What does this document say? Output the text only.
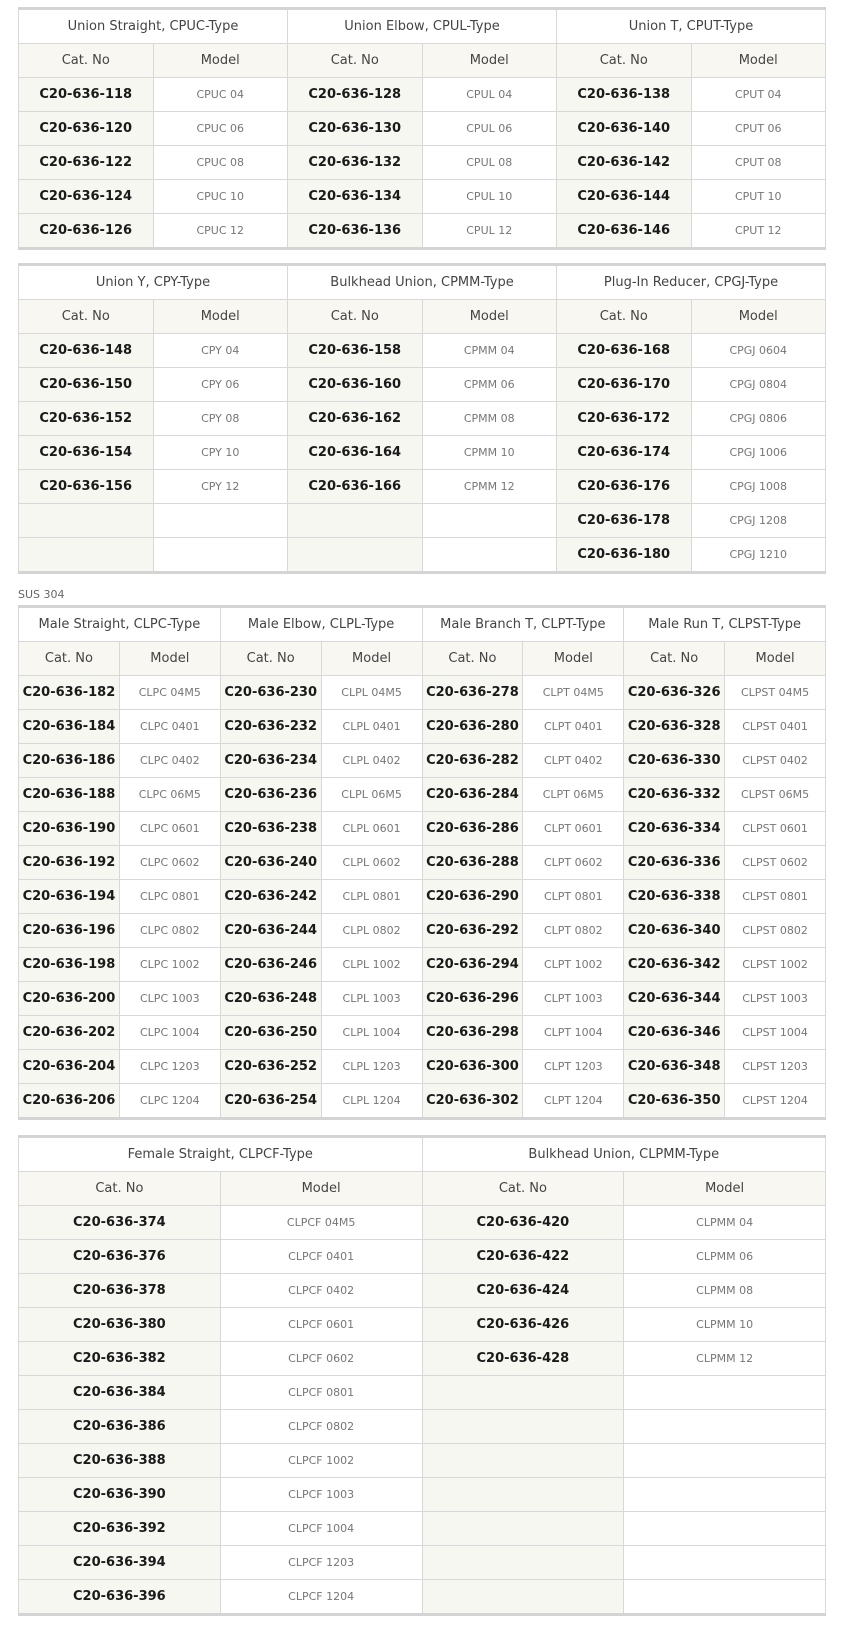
Union Straight, CPUC-Type		Union Elbow, CPUL-Type		Union T, CPUT-Type	
Cat. No	Model	Cat. No	Model	Cat. No	Model
C20-636-118	CPUC 04	C20-636-128	CPUL 04	C20-636-138	CPUT 04
C20-636-120	CPUC 06	C20-636-130	CPUL 06	C20-636-140	CPUT 06
C20-636-122	CPUC 08	C20-636-132	CPUL 08	C20-636-142	CPUT 08
C20-636-124	CPUC 10	C20-636-134	CPUL 10	C20-636-144	CPUT 10
C20-636-126	CPUC 12	C20-636-136	CPUL 12	C20-636-146	CPUT 12
Union Y, CPY-Type		Bulkhead Union, CPMM-Type		Plug-In Reducer, CPGJ-Type	
Cat. No	Model	Cat. No	Model	Cat. No	Model
C20-636-148	CPY 04	C20-636-158	CPMM 04	C20-636-168	CPGJ 0604
C20-636-150	CPY 06	C20-636-160	CPMM 06	C20-636-170	CPGJ 0804
C20-636-152	CPY 08	C20-636-162	CPMM 08	C20-636-172	CPGJ 0806
C20-636-154	CPY 10	C20-636-164	CPMM 10	C20-636-174	CPGJ 1006
C20-636-156	CPY 12	C20-636-166	CPMM 12	C20-636-176	CPGJ 1008
				C20-636-178	CPGJ 1208
				C20-636-180	CPGJ 1210
SUS 304
Male Straight, CLPC-Type		Male Elbow, CLPL-Type		Male Branch T, CLPT-Type		Male Run T, CLPST-Type	
Cat. No	Model	Cat. No	Model	Cat. No	Model	Cat. No	Model
C20-636-182	CLPC 04M5	C20-636-230	CLPL 04M5	C20-636-278	CLPT 04M5	C20-636-326	CLPST 04M5
C20-636-184	CLPC 0401	C20-636-232	CLPL 0401	C20-636-280	CLPT 0401	C20-636-328	CLPST 0401
C20-636-186	CLPC 0402	C20-636-234	CLPL 0402	C20-636-282	CLPT 0402	C20-636-330	CLPST 0402
C20-636-188	CLPC 06M5	C20-636-236	CLPL 06M5	C20-636-284	CLPT 06M5	C20-636-332	CLPST 06M5
C20-636-190	CLPC 0601	C20-636-238	CLPL 0601	C20-636-286	CLPT 0601	C20-636-334	CLPST 0601
C20-636-192	CLPC 0602	C20-636-240	CLPL 0602	C20-636-288	CLPT 0602	C20-636-336	CLPST 0602
C20-636-194	CLPC 0801	C20-636-242	CLPL 0801	C20-636-290	CLPT 0801	C20-636-338	CLPST 0801
C20-636-196	CLPC 0802	C20-636-244	CLPL 0802	C20-636-292	CLPT 0802	C20-636-340	CLPST 0802
C20-636-198	CLPC 1002	C20-636-246	CLPL 1002	C20-636-294	CLPT 1002	C20-636-342	CLPST 1002
C20-636-200	CLPC 1003	C20-636-248	CLPL 1003	C20-636-296	CLPT 1003	C20-636-344	CLPST 1003
C20-636-202	CLPC 1004	C20-636-250	CLPL 1004	C20-636-298	CLPT 1004	C20-636-346	CLPST 1004
C20-636-204	CLPC 1203	C20-636-252	CLPL 1203	C20-636-300	CLPT 1203	C20-636-348	CLPST 1203
C20-636-206	CLPC 1204	C20-636-254	CLPL 1204	C20-636-302	CLPT 1204	C20-636-350	CLPST 1204
Female Straight, CLPCF-Type		Bulkhead Union, CLPMM-Type	
Cat. No	Model	Cat. No	Model
C20-636-374	CLPCF 04M5	C20-636-420	CLPMM 04
C20-636-376	CLPCF 0401	C20-636-422	CLPMM 06
C20-636-378	CLPCF 0402	C20-636-424	CLPMM 08
C20-636-380	CLPCF 0601	C20-636-426	CLPMM 10
C20-636-382	CLPCF 0602	C20-636-428	CLPMM 12
C20-636-384	CLPCF 0801		
C20-636-386	CLPCF 0802		
C20-636-388	CLPCF 1002		
C20-636-390	CLPCF 1003		
C20-636-392	CLPCF 1004		
C20-636-394	CLPCF 1203		
C20-636-396	CLPCF 1204		
